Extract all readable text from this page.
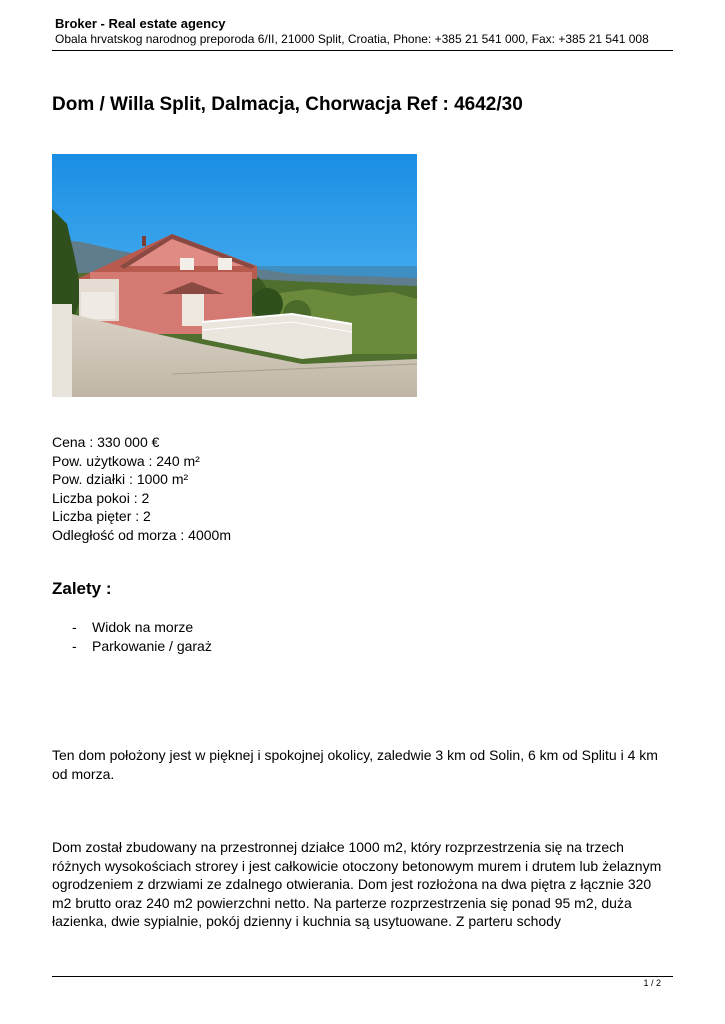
Broker - Real estate agency
Obala hrvatskog narodnog preporoda 6/II, 21000 Split, Croatia, Phone: +385 21 541 000, Fax: +385 21 541 008
Dom / Willa Split, Dalmacja, Chorwacja Ref : 4642/30
Cena : 330 000 €
Pow. użytkowa : 240 m²
Pow. działki : 1000 m²
Liczba pokoi : 2
Liczba pięter : 2
Odległość od morza : 4000m
Zalety :
- Widok na morze
- Parkowanie / garaż

Ten dom położony jest w pięknej i spokojnej okolicy, zaledwie 3 km od Solin, 6 km od Splitu i 4 km od morza.

Dom został zbudowany na przestronnej działce 1000 m2, który rozprzestrzenia się na trzech różnych wysokościach strorey i jest całkowicie otoczony betonowym murem i drutem lub żelaznym ogrodzeniem z drzwiami ze zdalnego otwierania. Dom jest rozłożona na dwa piętra z łącznie 320 m2 brutto oraz 240 m2 powierzchni netto. Na parterze rozprzestrzenia się ponad 95 m2, duża łazienka, dwie sypialnie, pokój dzienny i kuchnia są usytuowane. Z parteru schody

1 / 2
